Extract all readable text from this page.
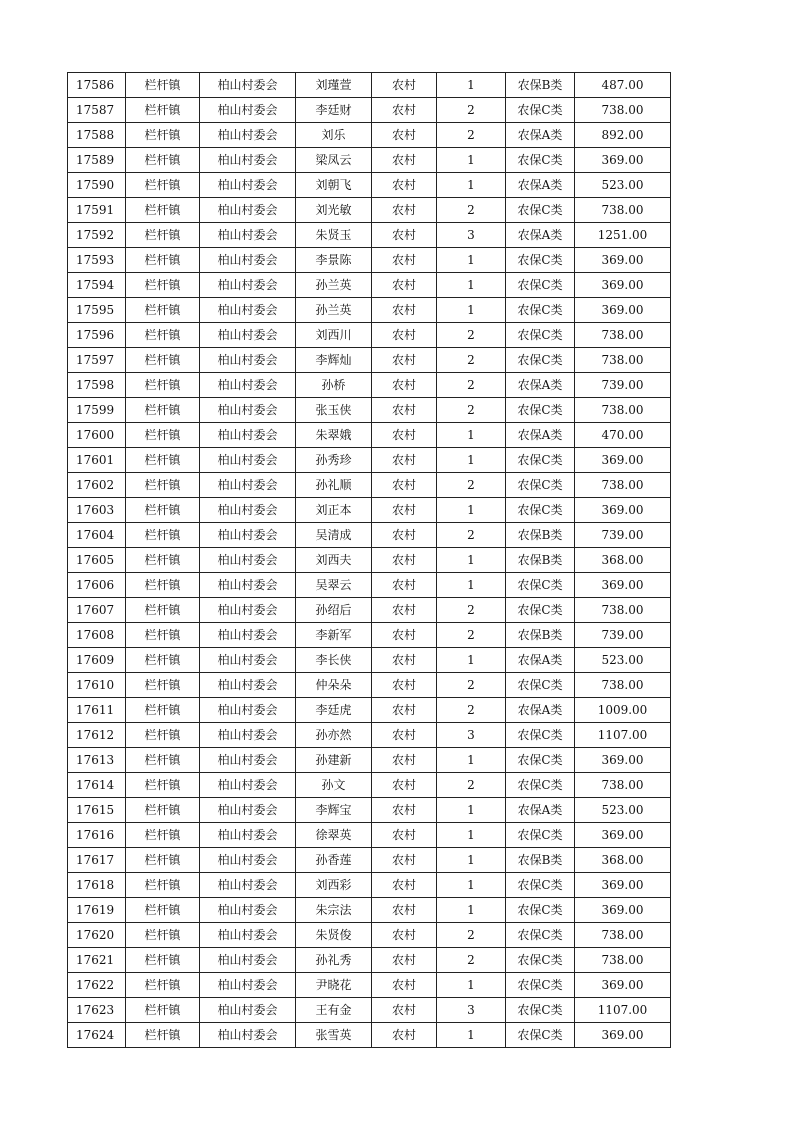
17586	栏杆镇	柏山村委会	刘瑾萱	农村	1	农保B类	487.00
17587	栏杆镇	柏山村委会	李廷财	农村	2	农保C类	738.00
17588	栏杆镇	柏山村委会	刘乐	农村	2	农保A类	892.00
17589	栏杆镇	柏山村委会	梁凤云	农村	1	农保C类	369.00
17590	栏杆镇	柏山村委会	刘朝飞	农村	1	农保A类	523.00
17591	栏杆镇	柏山村委会	刘光敏	农村	2	农保C类	738.00
17592	栏杆镇	柏山村委会	朱贤玉	农村	3	农保A类	1251.00
17593	栏杆镇	柏山村委会	李景陈	农村	1	农保C类	369.00
17594	栏杆镇	柏山村委会	孙兰英	农村	1	农保C类	369.00
17595	栏杆镇	柏山村委会	孙兰英	农村	1	农保C类	369.00
17596	栏杆镇	柏山村委会	刘西川	农村	2	农保C类	738.00
17597	栏杆镇	柏山村委会	李辉灿	农村	2	农保C类	738.00
17598	栏杆镇	柏山村委会	孙桥	农村	2	农保A类	739.00
17599	栏杆镇	柏山村委会	张玉侠	农村	2	农保C类	738.00
17600	栏杆镇	柏山村委会	朱翠娥	农村	1	农保A类	470.00
17601	栏杆镇	柏山村委会	孙秀珍	农村	1	农保C类	369.00
17602	栏杆镇	柏山村委会	孙礼顺	农村	2	农保C类	738.00
17603	栏杆镇	柏山村委会	刘正本	农村	1	农保C类	369.00
17604	栏杆镇	柏山村委会	吴清成	农村	2	农保B类	739.00
17605	栏杆镇	柏山村委会	刘西夫	农村	1	农保B类	368.00
17606	栏杆镇	柏山村委会	吴翠云	农村	1	农保C类	369.00
17607	栏杆镇	柏山村委会	孙绍后	农村	2	农保C类	738.00
17608	栏杆镇	柏山村委会	李新军	农村	2	农保B类	739.00
17609	栏杆镇	柏山村委会	李长侠	农村	1	农保A类	523.00
17610	栏杆镇	柏山村委会	仲朵朵	农村	2	农保C类	738.00
17611	栏杆镇	柏山村委会	李廷虎	农村	2	农保A类	1009.00
17612	栏杆镇	柏山村委会	孙亦然	农村	3	农保C类	1107.00
17613	栏杆镇	柏山村委会	孙建新	农村	1	农保C类	369.00
17614	栏杆镇	柏山村委会	孙文	农村	2	农保C类	738.00
17615	栏杆镇	柏山村委会	李辉宝	农村	1	农保A类	523.00
17616	栏杆镇	柏山村委会	徐翠英	农村	1	农保C类	369.00
17617	栏杆镇	柏山村委会	孙香莲	农村	1	农保B类	368.00
17618	栏杆镇	柏山村委会	刘西彩	农村	1	农保C类	369.00
17619	栏杆镇	柏山村委会	朱宗法	农村	1	农保C类	369.00
17620	栏杆镇	柏山村委会	朱贤俊	农村	2	农保C类	738.00
17621	栏杆镇	柏山村委会	孙礼秀	农村	2	农保C类	738.00
17622	栏杆镇	柏山村委会	尹晓花	农村	1	农保C类	369.00
17623	栏杆镇	柏山村委会	王有金	农村	3	农保C类	1107.00
17624	栏杆镇	柏山村委会	张雪英	农村	1	农保C类	369.00
